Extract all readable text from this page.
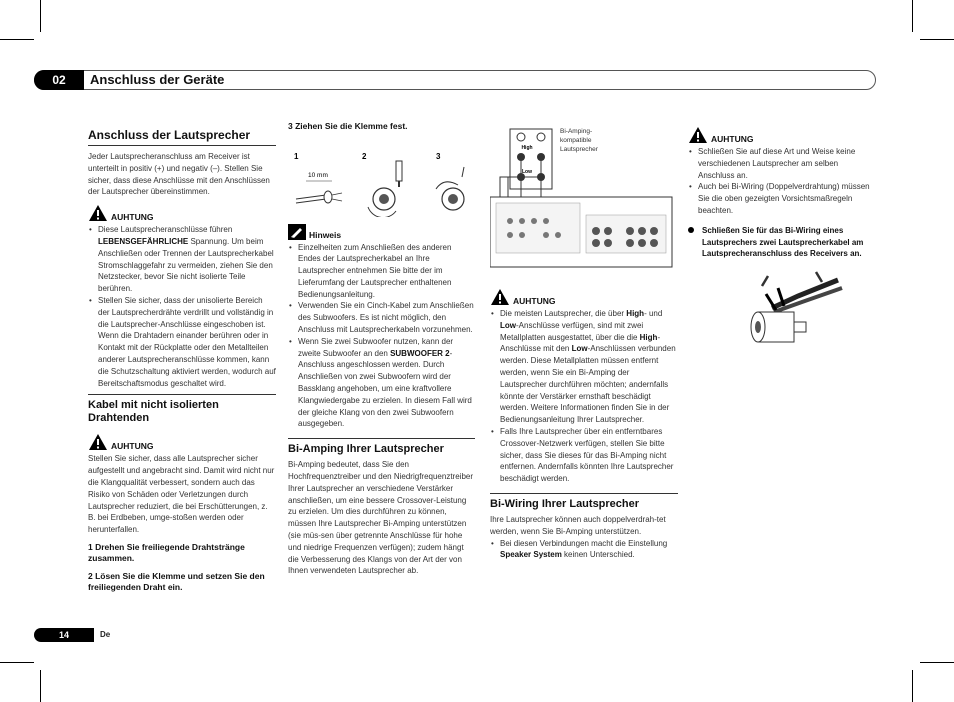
02	Anschluss der Geräte
Anschluss der Lautsprecher

Jeder Lautsprecheranschluss am Receiver ist unterteilt in positiv (+) und negativ (–). Stellen Sie sicher, dass diese Anschlüsse mit den Anschlüssen der Lautsprecher übereinstimmen.

AUHTUNG
• Diese Lautsprecheranschlüsse führen LEBENSGEFÄHRLICHE Spannung. Um beim Anschließen oder Trennen der Lautsprecherkabel Stromschlaggefahr zu vermeiden, ziehen Sie den Netzstecker, bevor Sie nicht isolierte Teile berühren.
• Stellen Sie sicher, dass der unisolierte Bereich der Lautsprecherdrähte verdrillt und vollständig in die Lautsprecher-Anschlüsse eingeschoben ist. Wenn die Drahtadern einander berühren oder in Kontakt mit der Rückplatte oder den Metallteilen anderer Lautsprecheranschlüsse kommen, kann die Schutzschaltung aktiviert werden, wodurch auf Bereitschaftsmodus geschaltet wird.
Kabel mit nicht isolierten Drahtenden
AUHTUNG

Stellen Sie sicher, dass alle Lautsprecher sicher aufgestellt und angebracht sind. Damit wird nicht nur die Klangqualität verbessert, sondern auch das Risiko von Schäden oder Verletzungen durch Lautsprecher reduziert, die bei Erschütterungen, z. B. bei Erdbeben, umge-stoßen werden oder herunterfallen.

1 Drehen Sie freiliegende Drahtstränge zusammen.
2 Lösen Sie die Klemme und setzen Sie den freiliegenden Draht ein.
3 Ziehen Sie die Klemme fest.
1	2	3
10 mm
Hinweis
• Einzelheiten zum Anschließen des anderen Endes der Lautsprecherkabel an Ihre Lautsprecher entnehmen Sie bitte der im Lieferumfang der Lautsprecher enthaltenen Bedienungsanleitung.
• Verwenden Sie ein Cinch-Kabel zum Anschließen des Subwoofers. Es ist nicht möglich, den Anschluss mit Lautsprecherkabeln vorzunehmen.
• Wenn Sie zwei Subwoofer nutzen, kann der zweite Subwoofer an den SUBWOOFER 2-Anschluss angeschlossen werden. Durch Anschließen von zwei Subwoofern wird der Bassklang angehoben, um eine kraftvollere Klangwiedergabe zu erzielen. In diesem Fall wird der gleiche Klang von den zwei Subwoofern ausgegeben.
Bi-Amping Ihrer Lautsprecher

Bi-Amping bedeutet, dass Sie den Hochfrequenztreiber und den Niedrigfrequenztreiber Ihrer Lautsprecher an verschiedene Verstärker anschließen, um eine bessere Crossover-Leistung zu erzielen. Um dies durchführen zu können, müssen Ihre Lautsprecher Bi-Amping unterstützen (sie müs-sen über getrennte Anschlüsse für hohe und niedrige Frequenzen verfügen); zudem hängt die Verbesserung des Klangs von der Art der von Ihnen verwendeten Lautsprecher ab.

High
Low
Bi-Amping-kompatible Lautsprecher
AUHTUNG
• Die meisten Lautsprecher, die über High- und Low-Anschlüsse verfügen, sind mit zwei Metallplatten ausgestattet, über die die High-Anschlüsse mit den Low-Anschlüssen verbunden werden. Diese Metallplatten müssen entfernt werden, wenn Sie ein Bi-Amping der Lautsprecher durchführen möchten; andernfalls könnte der Verstärker ernsthaft beschädigt werden. Weitere Informationen finden Sie in der Bedienungsanleitung Ihrer Lautsprecher.
• Falls Ihre Lautsprecher über ein entferntbares Crossover-Netzwerk verfügen, stellen Sie bitte sicher, dass Sie dieses für das Bi-Amping nicht entfernen. Andernfalls könnten Ihre Lautsprecher beschädigt werden.
Bi-Wiring Ihrer Lautsprecher

Ihre Lautsprecher können auch doppelverdrah-tet werden, wenn Sie Bi-Amping unterstützen.

• Bei diesen Verbindungen macht die Einstellung Speaker System keinen Unterschied.
AUHTUNG
• Schließen Sie auf diese Art und Weise keine verschiedenen Lautsprecher am selben Anschluss an.
• Auch bei Bi-Wiring (Doppelverdrahtung) müssen Sie die oben gezeigten Vorsichtsmaßregeln beachten.
Schließen Sie für das Bi-Wiring eines Lautsprechers zwei Lautsprecherkabel am Lautsprecheranschluss des Receivers an.
14	De
